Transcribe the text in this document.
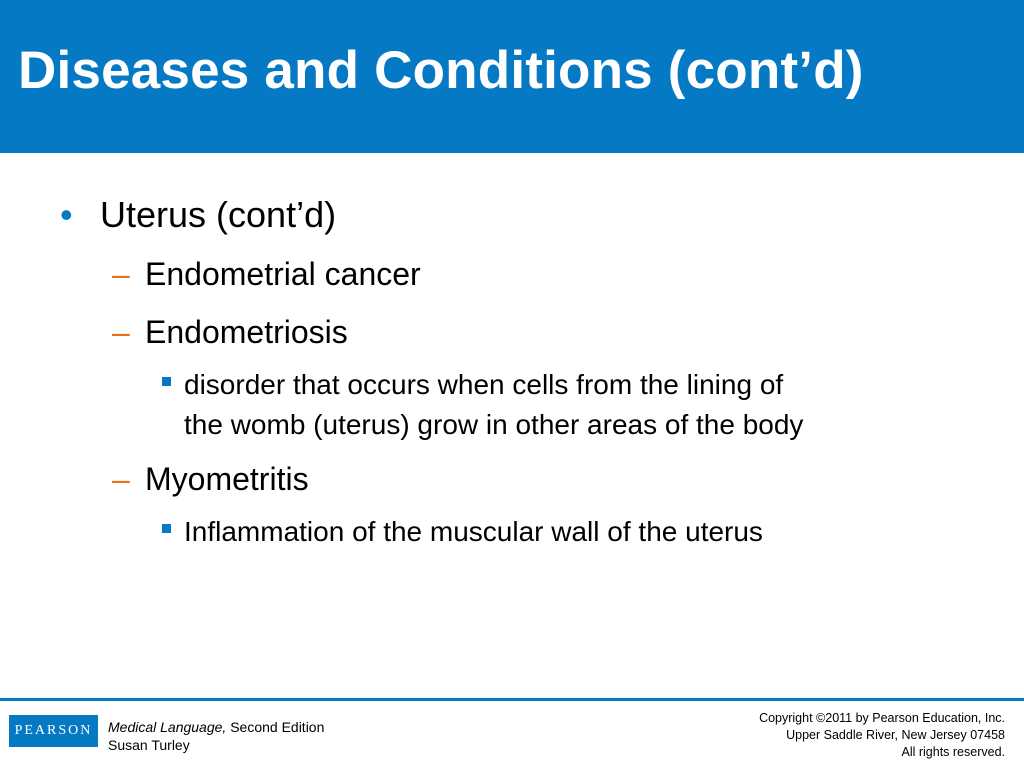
Diseases and Conditions (cont’d)
• Uterus (cont’d)
– Endometrial cancer
– Endometriosis
disorder that occurs when cells from the lining of
the womb (uterus) grow in other areas of the body
– Myometritis
Inflammation of the muscular wall of the uterus
PEARSON	Medical Language, Second Edition
Susan Turley
Copyright ©2011 by Pearson Education, Inc.
Upper Saddle River, New Jersey 07458
All rights reserved.
